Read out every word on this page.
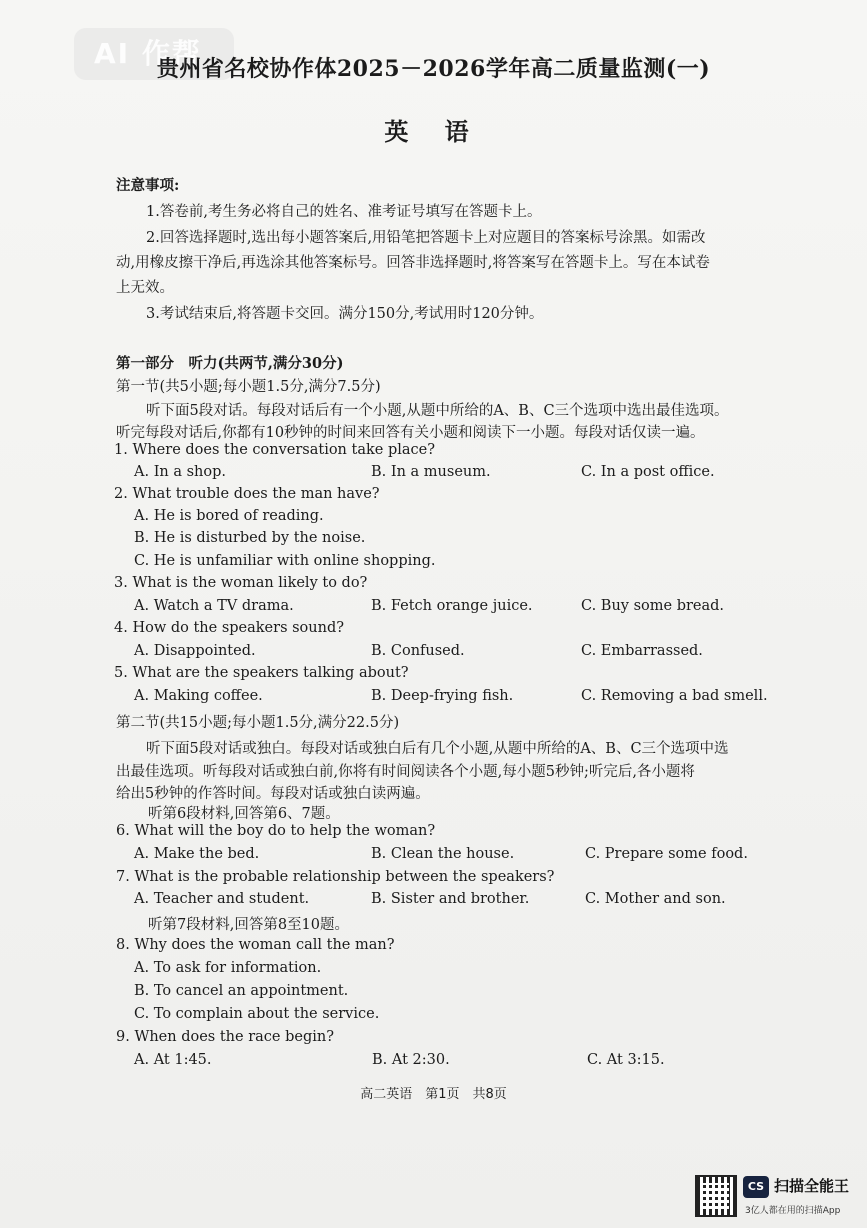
AI 作帮
贵州省名校协作体2025－2026学年高二质量监测(一)
英 语
注意事项:
1.答卷前,考生务必将自己的姓名、准考证号填写在答题卡上。
2.回答选择题时,选出每小题答案后,用铅笔把答题卡上对应题目的答案标号涂黑。如需改
动,用橡皮擦干净后,再选涂其他答案标号。回答非选择题时,将答案写在答题卡上。写在本试卷
上无效。
3.考试结束后,将答题卡交回。满分150分,考试用时120分钟。
第一部分　听力(共两节,满分30分)
第一节(共5小题;每小题1.5分,满分7.5分)
听下面5段对话。每段对话后有一个小题,从题中所给的A、B、C三个选项中选出最佳选项。
听完每段对话后,你都有10秒钟的时间来回答有关小题和阅读下一小题。每段对话仅读一遍。
1. Where does the conversation take place?
A. In a shop.	B. In a museum.	C. In a post office.
2. What trouble does the man have?
A. He is bored of reading.
B. He is disturbed by the noise.
C. He is unfamiliar with online shopping.
3. What is the woman likely to do?
A. Watch a TV drama.	B. Fetch orange juice.	C. Buy some bread.
4. How do the speakers sound?
A. Disappointed.	B. Confused.	C. Embarrassed.
5. What are the speakers talking about?
A. Making coffee.	B. Deep-frying fish.	C. Removing a bad smell.
第二节(共15小题;每小题1.5分,满分22.5分)
听下面5段对话或独白。每段对话或独白后有几个小题,从题中所给的A、B、C三个选项中选
出最佳选项。听每段对话或独白前,你将有时间阅读各个小题,每小题5秒钟;听完后,各小题将
给出5秒钟的作答时间。每段对话或独白读两遍。
听第6段材料,回答第6、7题。
6. What will the boy do to help the woman?
A. Make the bed.	B. Clean the house.	C. Prepare some food.
7. What is the probable relationship between the speakers?
A. Teacher and student.	B. Sister and brother.	C. Mother and son.
听第7段材料,回答第8至10题。
8. Why does the woman call the man?
A. To ask for information.
B. To cancel an appointment.
C. To complain about the service.
9. When does the race begin?
A. At 1:45.	B. At 2:30.	C. At 3:15.
高二英语　第1页　共8页
CS 扫描全能王
3亿人都在用的扫描App
